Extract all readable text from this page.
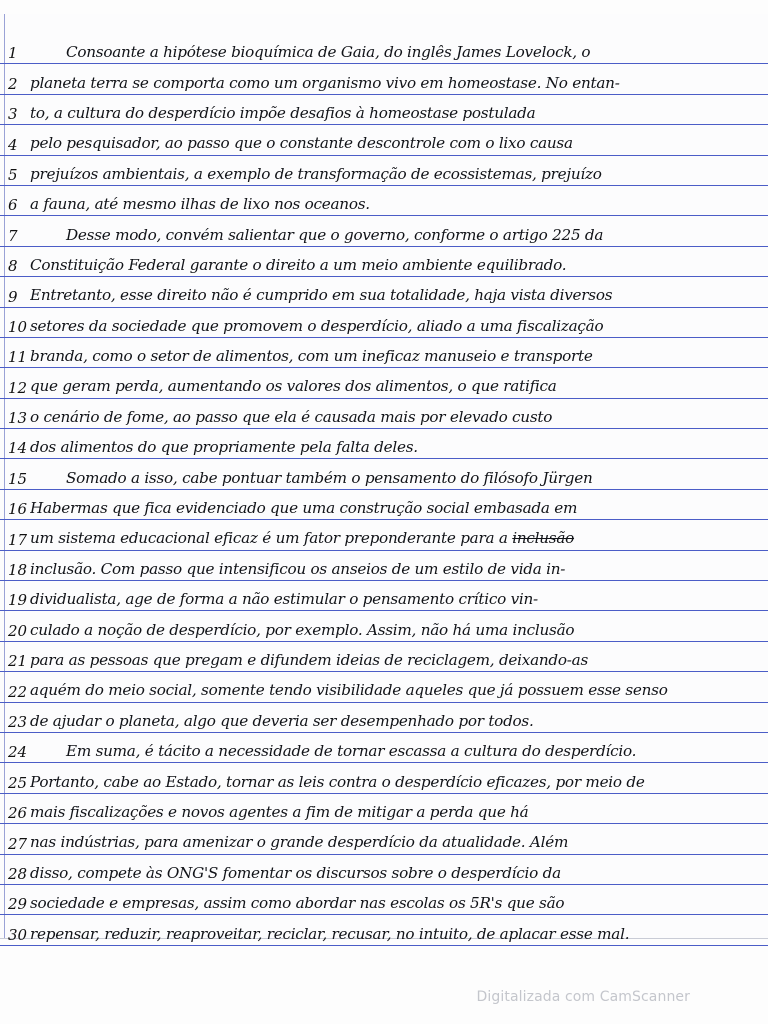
1	Consoante a hipótese bioquímica de Gaia, do inglês James Lovelock, o
2 planeta terra se comporta como um organismo vivo em homeostase. No entan-
3 to, a cultura do desperdício impõe desafios à homeostase postulada
4 pelo pesquisador, ao passo que o constante descontrole com o lixo causa
5 prejuízos ambientais, a exemplo de transformação de ecossistemas, prejuízo
6 a fauna, até mesmo ilhas de lixo nos oceanos.
7	Desse modo, convém salientar que o governo, conforme o artigo 225 da
8 Constituição Federal garante o direito a um meio ambiente equilibrado.
9 Entretanto, esse direito não é cumprido em sua totalidade, haja vista diversos
10 setores da sociedade que promovem o desperdício, aliado a uma fiscalização
11 branda, como o setor de alimentos, com um ineficaz manuseio e transporte
12 que geram perda, aumentando os valores dos alimentos, o que ratifica
13 o cenário de fome, ao passo que ela é causada mais por elevado custo
14 dos alimentos do que propriamente pela falta deles.
15	Somado a isso, cabe pontuar também o pensamento do filósofo Jürgen
16 Habermas que fica evidenciado que uma construção social embasada em
17 um sistema educacional eficaz é um fator preponderante para a inclusão
18 inclusão. Com passo que intensificou os anseios de um estilo de vida in-
19 dividualista, age de forma a não estimular o pensamento crítico vin-
20 culado a noção de desperdício, por exemplo. Assim, não há uma inclusão
21 para as pessoas que pregam e difundem ideias de reciclagem, deixando-as
22 aquém do meio social, somente tendo visibilidade aqueles que já possuem esse senso
23 de ajudar o planeta, algo que deveria ser desempenhado por todos.
24	Em suma, é tácito a necessidade de tornar escassa a cultura do desperdício.
25 Portanto, cabe ao Estado, tornar as leis contra o desperdício eficazes, por meio de
26 mais fiscalizações e novos agentes a fim de mitigar a perda que há
27 nas indústrias, para amenizar o grande desperdício da atualidade. Além
28 disso, compete às ONG'S fomentar os discursos sobre o desperdício da
29 sociedade e empresas, assim como abordar nas escolas os 5R's que são
30 repensar, reduzir, reaproveitar, reciclar, recusar, no intuito, de aplacar esse mal.
Digitalizada com CamScanner
